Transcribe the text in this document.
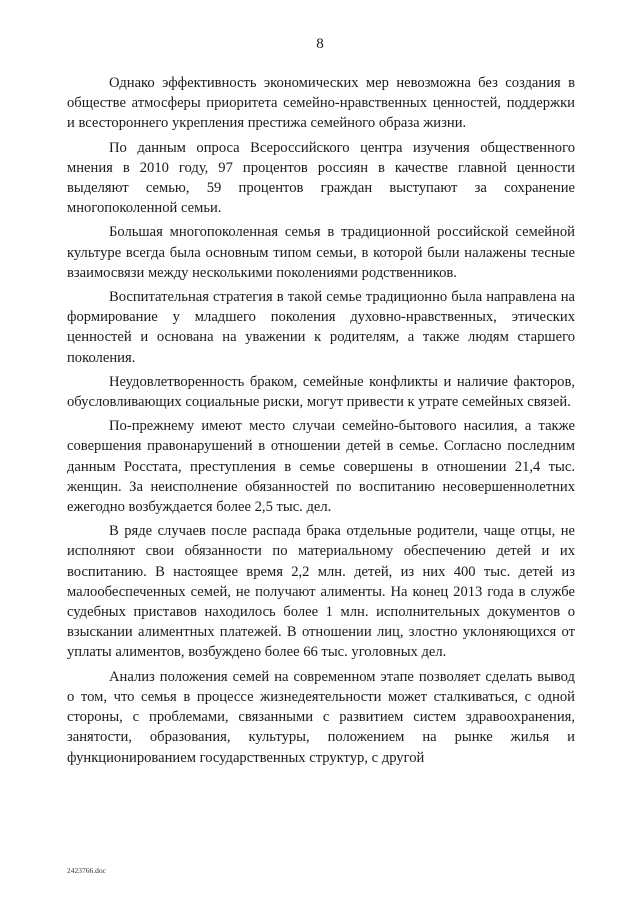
8

Однако эффективность экономических мер невозможна без создания в обществе атмосферы приоритета семейно-нравственных ценностей, поддержки и всестороннего укрепления престижа семейного образа жизни.

По данным опроса Всероссийского центра изучения общественного мнения в 2010 году, 97 процентов россиян в качестве главной ценности выделяют семью, 59 процентов граждан выступают за сохранение многопоколенной семьи.

Большая многопоколенная семья в традиционной российской семейной культуре всегда была основным типом семьи, в которой были налажены тесные взаимосвязи между несколькими поколениями родственников.

Воспитательная стратегия в такой семье традиционно была направлена на формирование у младшего поколения духовно-нравственных, этических ценностей и основана на уважении к родителям, а также людям старшего поколения.

Неудовлетворенность браком, семейные конфликты и наличие факторов, обусловливающих социальные риски, могут привести к утрате семейных связей.

По-прежнему имеют место случаи семейно-бытового насилия, а также совершения правонарушений в отношении детей в семье. Согласно последним данным Росстата, преступления в семье совершены в отношении 21,4 тыс. женщин. За неисполнение обязанностей по воспитанию несовершеннолетних ежегодно возбуждается более 2,5 тыс. дел.

В ряде случаев после распада брака отдельные родители, чаще отцы, не исполняют свои обязанности по материальному обеспечению детей и их воспитанию. В настоящее время 2,2 млн. детей, из них 400 тыс. детей из малообеспеченных семей, не получают алименты. На конец 2013 года в службе судебных приставов находилось более 1 млн. исполнительных документов о взыскании алиментных платежей. В отношении лиц, злостно уклоняющихся от уплаты алиментов, возбуждено более 66 тыс. уголовных дел.

Анализ положения семей на современном этапе позволяет сделать вывод о том, что семья в процессе жизнедеятельности может сталкиваться, с одной стороны, с проблемами, связанными с развитием систем здравоохранения, занятости, образования, культуры, положением на рынке жилья и функционированием государственных структур, с другой

2423766.doc
